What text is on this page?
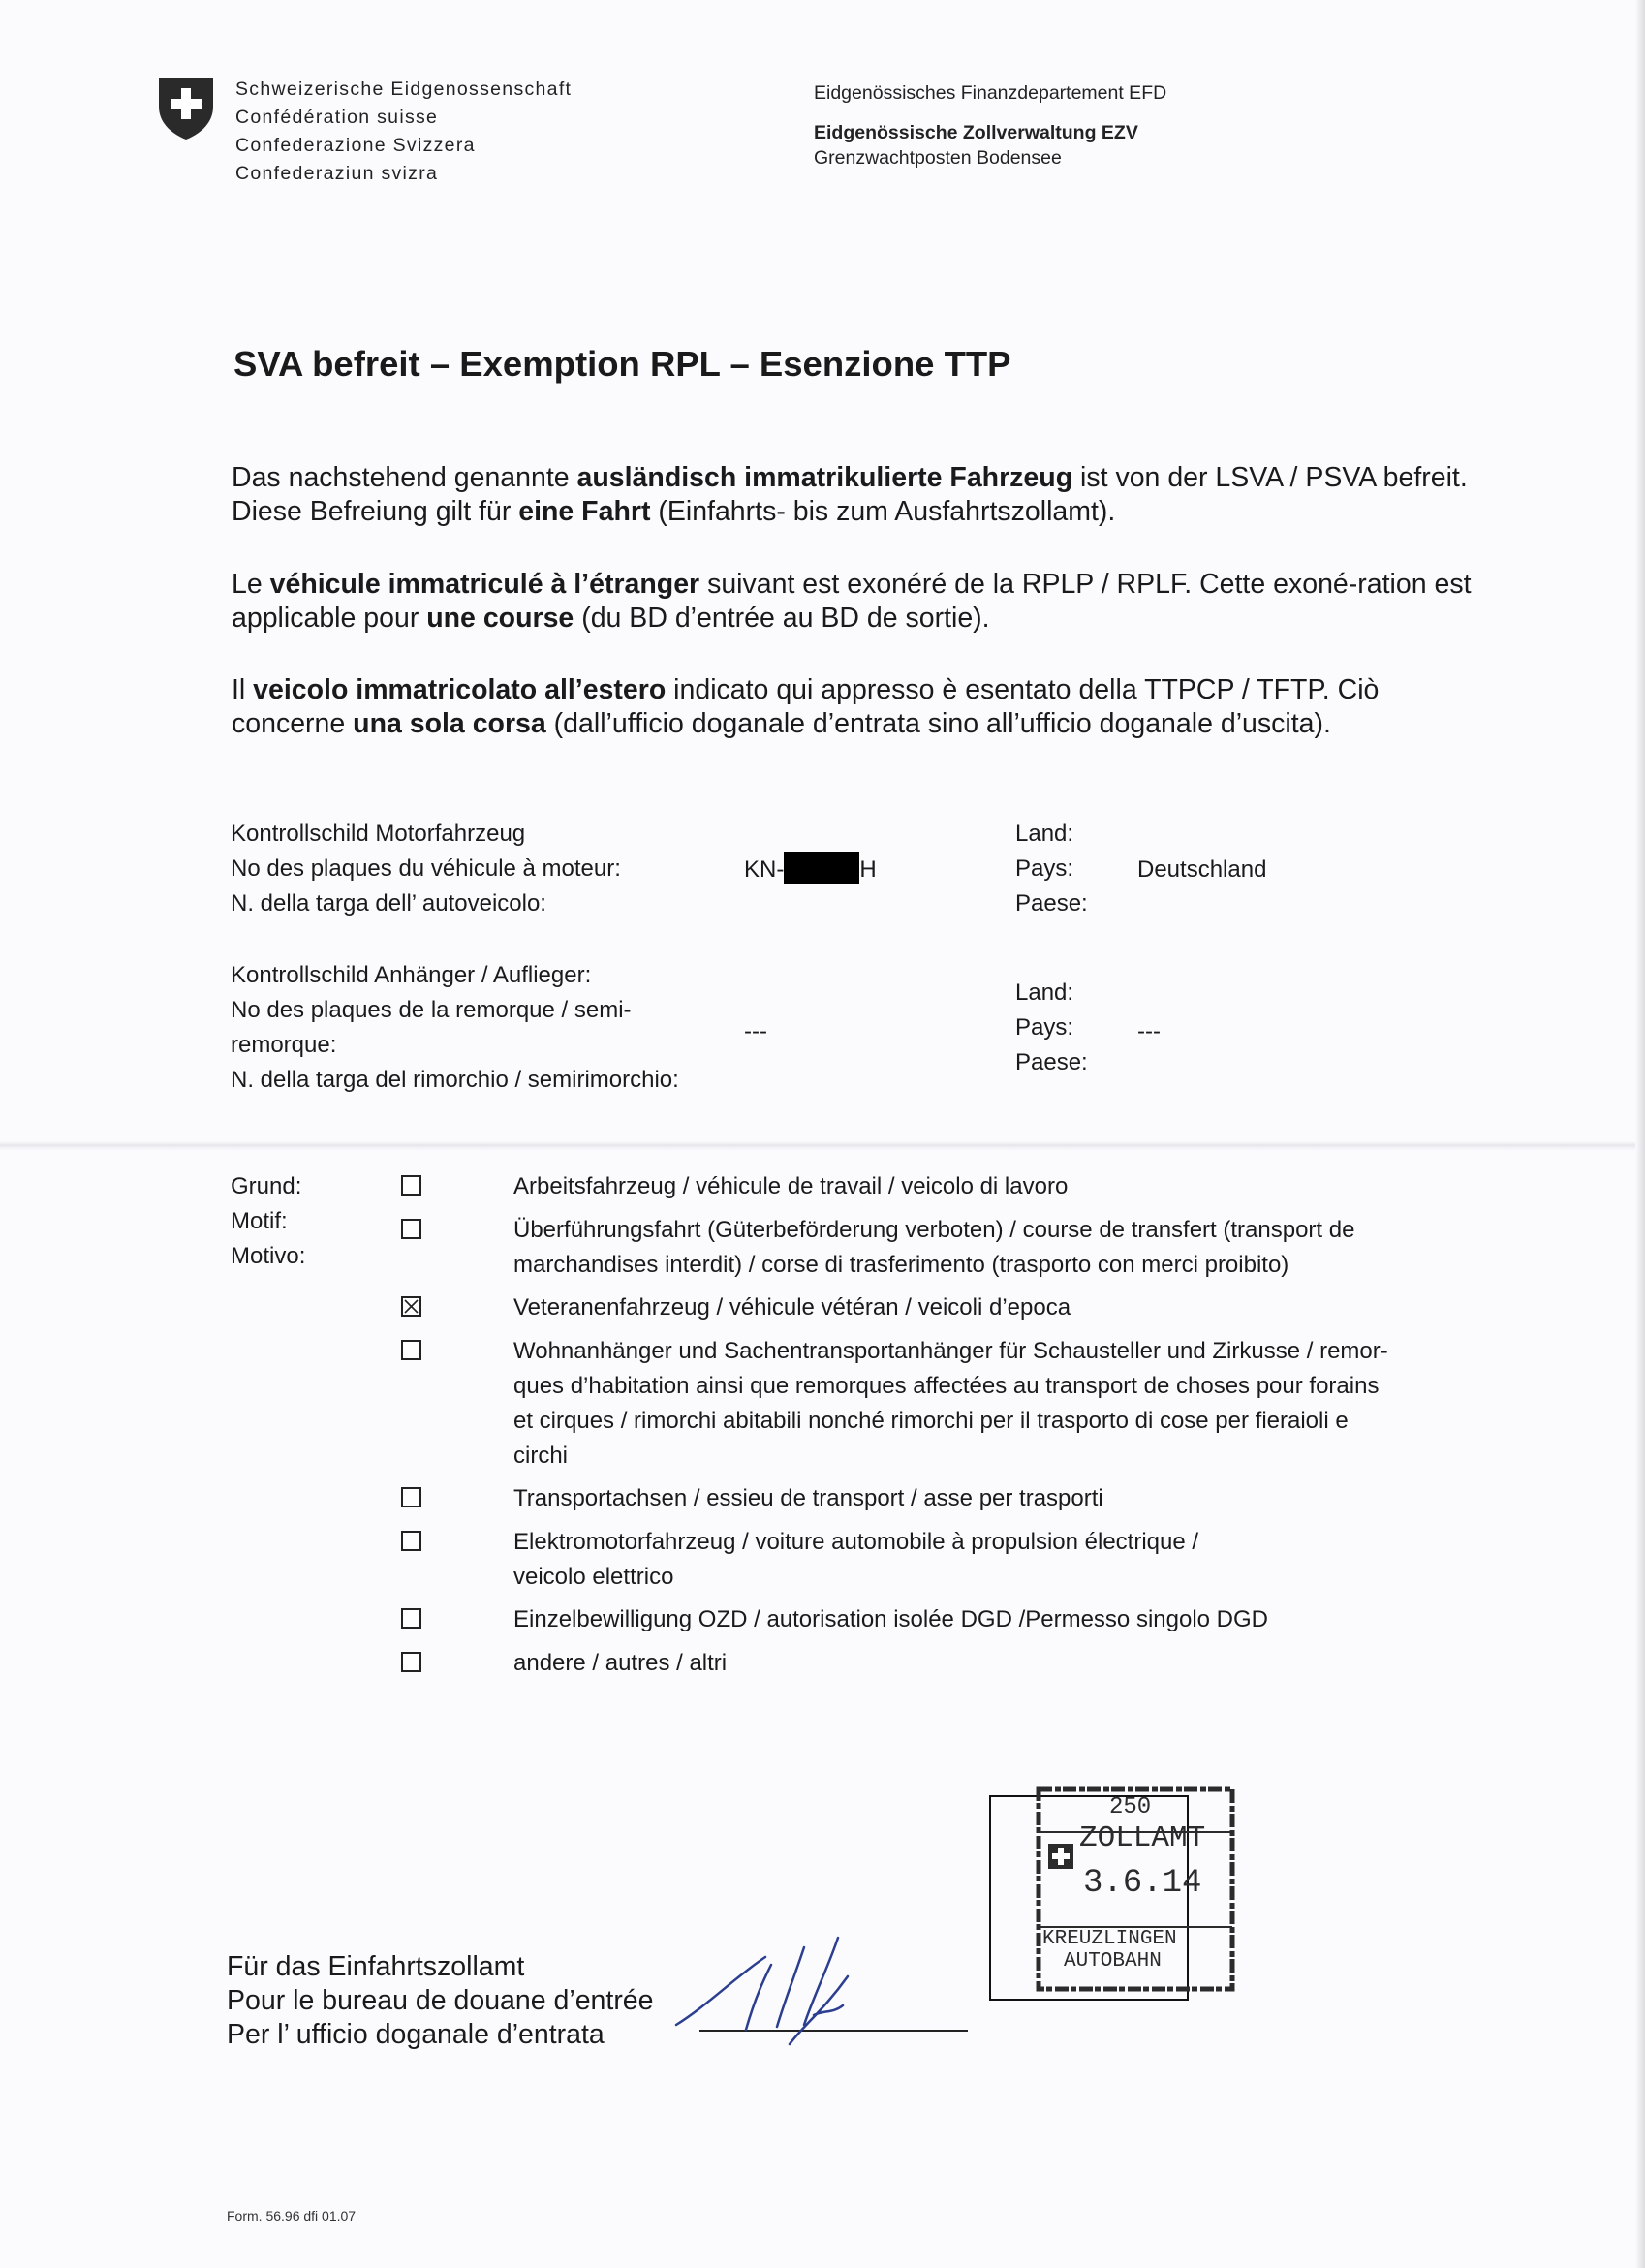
Schweizerische Eidgenossenschaft
Confédération suisse
Confederazione Svizzera
Confederaziun svizra
Eidgenössisches Finanzdepartement EFD
Eidgenössische Zollverwaltung EZV
Grenzwachtposten Bodensee
SVA befreit – Exemption RPL – Esenzione TTP
Das nachstehend genannte ausländisch immatrikulierte Fahrzeug ist von der LSVA / PSVA befreit. Diese Befreiung gilt für eine Fahrt (Einfahrts- bis zum Ausfahrtszollamt).
Le véhicule immatriculé à l’étranger suivant est exonéré de la RPLP / RPLF. Cette exoné-ration est applicable pour une course (du BD d’entrée au BD de sortie).
Il veicolo immatricolato all’estero indicato qui appresso è esentato della TTPCP / TFTP. Ciò concerne una sola corsa (dall’ufficio doganale d’entrata sino all’ufficio doganale d’uscita).
Kontrollschild Motorfahrzeug
No des plaques du véhicule à moteur:
N. della targa dell’ autoveicolo:
KN-	H
Land:
Pays:
Paese:
Deutschland
Kontrollschild Anhänger / Auflieger:
No des plaques de la remorque / semi-
remorque:
N. della targa del rimorchio / semirimorchio:
---
Land:
Pays:
Paese:
---
Grund:
Motif:
Motivo:
Arbeitsfahrzeug / véhicule de travail / veicolo di lavoro
Überführungsfahrt (Güterbeförderung verboten) / course de transfert (transport de
marchandises interdit) / corse di trasferimento (trasporto con merci proibito)
Veteranenfahrzeug / véhicule vétéran / veicoli d’epoca
Wohnanhänger und Sachentransportanhänger für Schausteller und Zirkusse / remor-
ques d’habitation ainsi que remorques affectées au transport de choses pour forains
et cirques / rimorchi abitabili nonché rimorchi per il trasporto di cose per fieraioli e
circhi
Transportachsen / essieu de transport / asse per trasporti
Elektromotorfahrzeug / voiture automobile à propulsion électrique /
veicolo elettrico
Einzelbewilligung OZD / autorisation isolée DGD /Permesso singolo DGD
andere / autres / altri
250
ZOLLAMT
3.6.14
KREUZLINGEN
AUTOBAHN
Für das Einfahrtszollamt
Pour le bureau de douane d’entrée
Per l’ ufficio doganale d’entrata
Form. 56.96 dfi 01.07
